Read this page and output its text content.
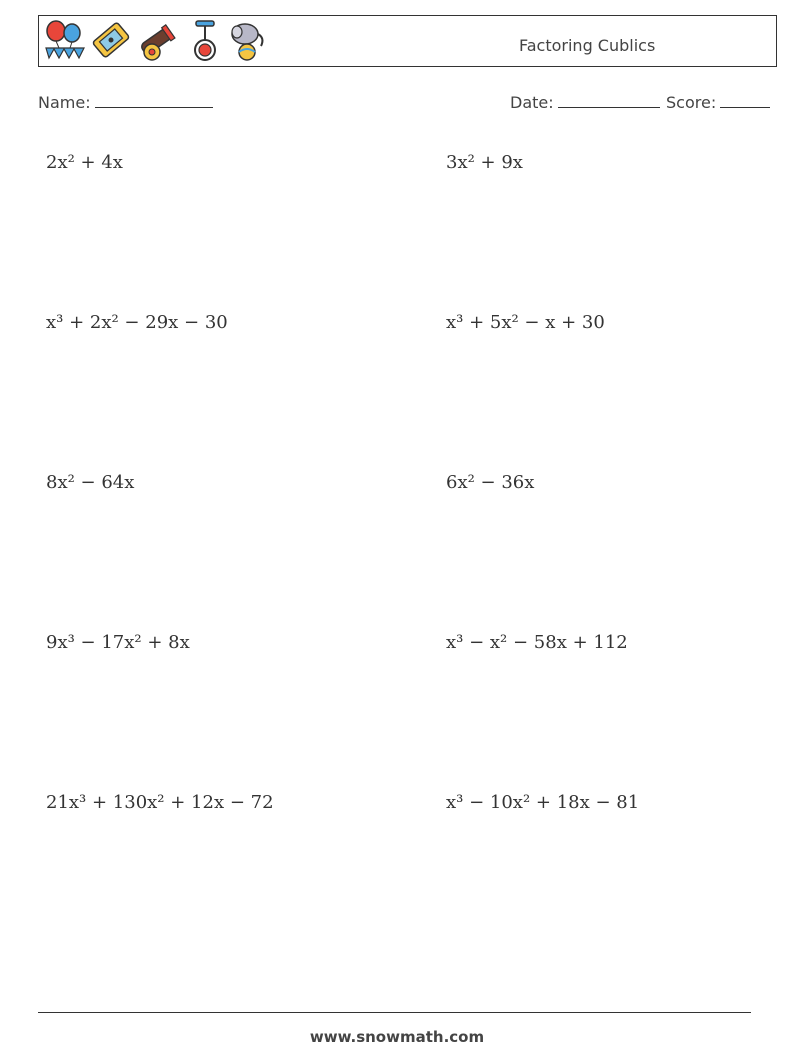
Factoring Cublics
Name:	Date:	Score:
2x² + 4x	3x² + 9x
x³ + 2x² − 29x − 30	x³ + 5x² − x + 30
8x² − 64x	6x² − 36x
9x³ − 17x² + 8x	x³ − x² − 58x + 112
21x³ + 130x² + 12x − 72	x³ − 10x² + 18x − 81
www.snowmath.com
